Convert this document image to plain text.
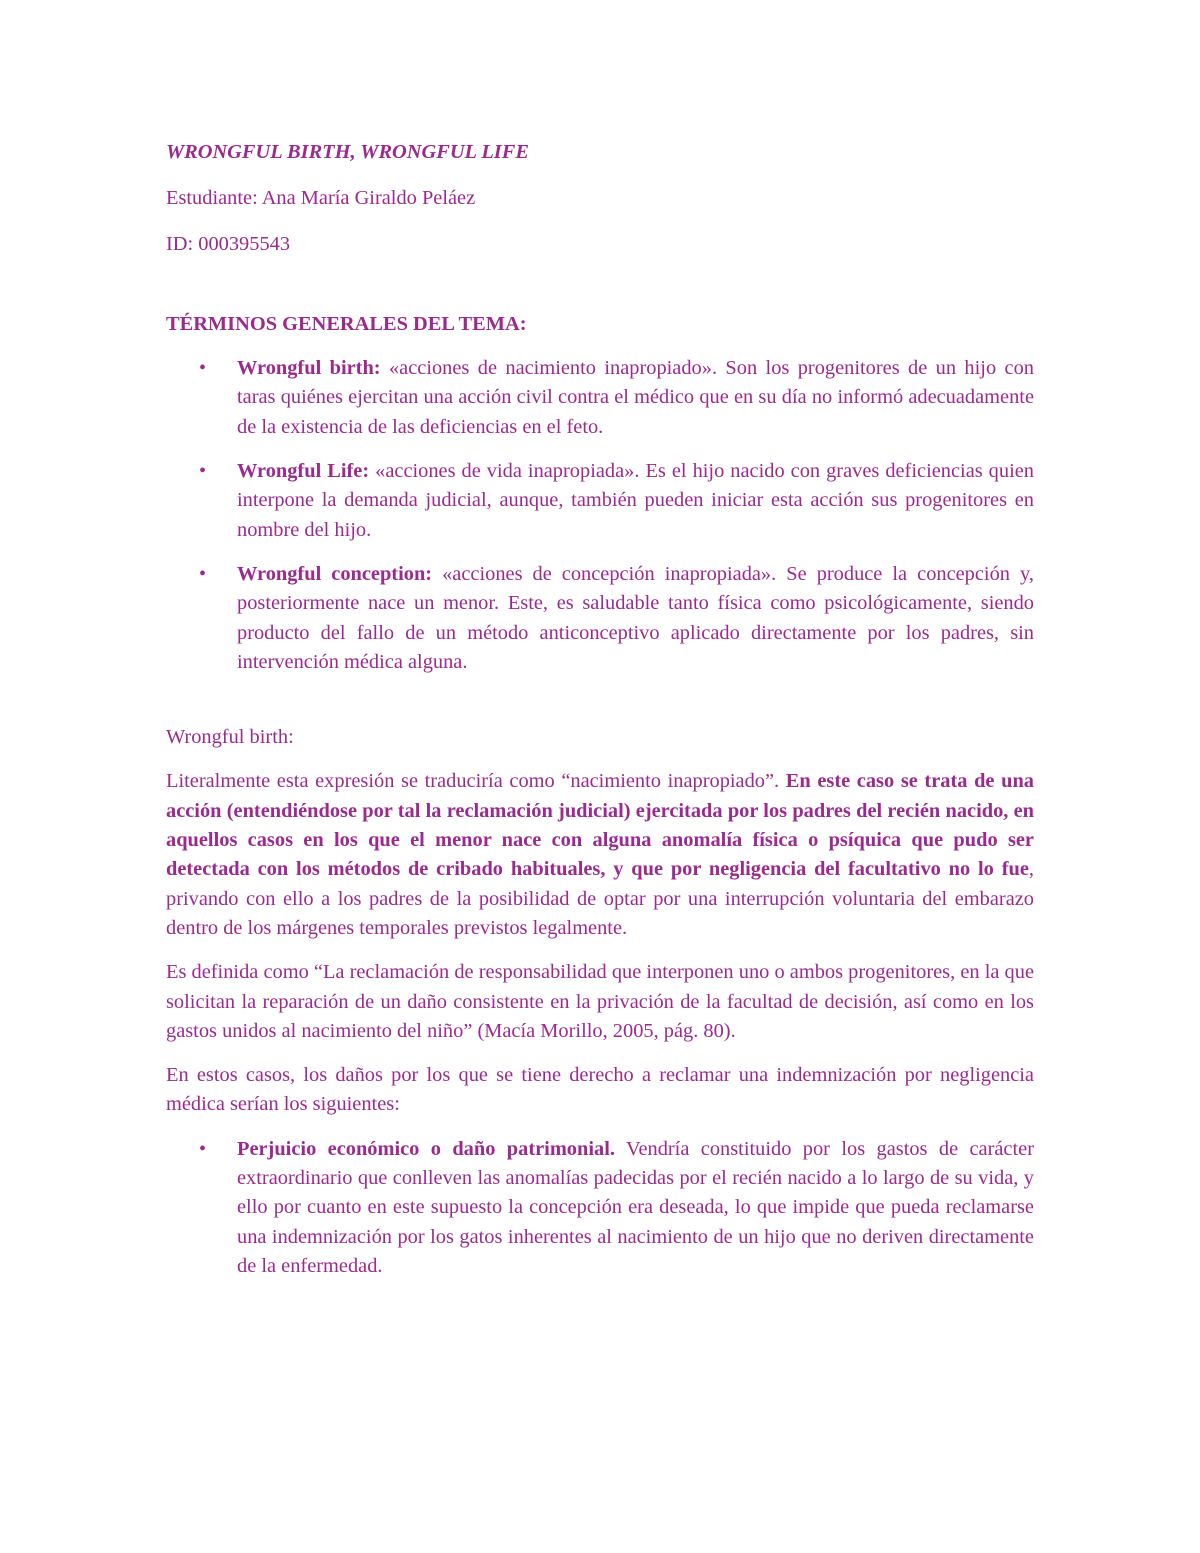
WRONGFUL BIRTH, WRONGFUL LIFE

Estudiante: Ana María Giraldo Peláez

ID: 000395543

TÉRMINOS GENERALES DEL TEMA:

• Wrongful birth: «acciones de nacimiento inapropiado». Son los progenitores de un hijo con taras quiénes ejercitan una acción civil contra el médico que en su día no informó adecuadamente de la existencia de las deficiencias en el feto.
• Wrongful Life: «acciones de vida inapropiada». Es el hijo nacido con graves deficiencias quien interpone la demanda judicial, aunque, también pueden iniciar esta acción sus progenitores en nombre del hijo.
• Wrongful conception: «acciones de concepción inapropiada». Se produce la concepción y, posteriormente nace un menor. Este, es saludable tanto física como psicológicamente, siendo producto del fallo de un método anticonceptivo aplicado directamente por los padres, sin intervención médica alguna.

Wrongful birth:

Literalmente esta expresión se traduciría como “nacimiento inapropiado”. En este caso se trata de una acción (entendiéndose por tal la reclamación judicial) ejercitada por los padres del recién nacido, en aquellos casos en los que el menor nace con alguna anomalía física o psíquica que pudo ser detectada con los métodos de cribado habituales, y que por negligencia del facultativo no lo fue, privando con ello a los padres de la posibilidad de optar por una interrupción voluntaria del embarazo dentro de los márgenes temporales previstos legalmente.

Es definida como “La reclamación de responsabilidad que interponen uno o ambos progenitores, en la que solicitan la reparación de un daño consistente en la privación de la facultad de decisión, así como en los gastos unidos al nacimiento del niño” (Macía Morillo, 2005, pág. 80).

En estos casos, los daños por los que se tiene derecho a reclamar una indemnización por negligencia médica serían los siguientes:

• Perjuicio económico o daño patrimonial. Vendría constituido por los gastos de carácter extraordinario que conlleven las anomalías padecidas por el recién nacido a lo largo de su vida, y ello por cuanto en este supuesto la concepción era deseada, lo que impide que pueda reclamarse una indemnización por los gatos inherentes al nacimiento de un hijo que no deriven directamente de la enfermedad.
